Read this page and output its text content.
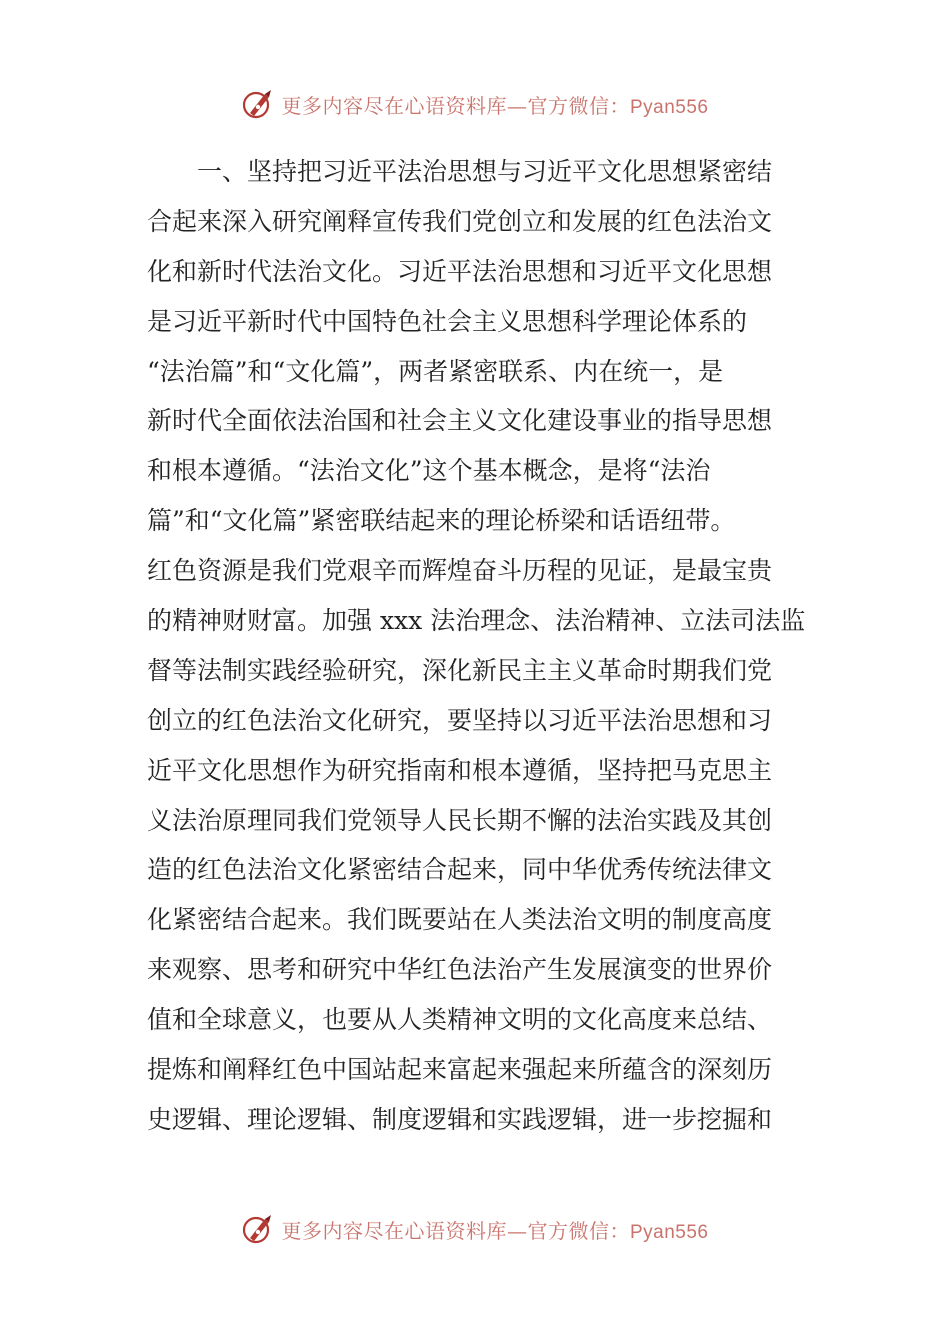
更多内容尽在心语资料库—官方微信：Pyan556
一、坚持把习近平法治思想与习近平文化思想紧密结
合起来深入研究阐释宣传我们党创立和发展的红色法治文
化和新时代法治文化。习近平法治思想和习近平文化思想
是习近平新时代中国特色社会主义思想科学理论体系的
“法治篇”和“文化篇”，两者紧密联系、内在统一，是
新时代全面依法治国和社会主义文化建设事业的指导思想
和根本遵循。“法治文化”这个基本概念，是将“法治
篇”和“文化篇”紧密联结起来的理论桥梁和话语纽带。
红色资源是我们党艰辛而辉煌奋斗历程的见证，是最宝贵
的精神财财富。加强 xxx 法治理念、法治精神、立法司法监
督等法制实践经验研究，深化新民主主义革命时期我们党
创立的红色法治文化研究，要坚持以习近平法治思想和习
近平文化思想作为研究指南和根本遵循，坚持把马克思主
义法治原理同我们党领导人民长期不懈的法治实践及其创
造的红色法治文化紧密结合起来，同中华优秀传统法律文
化紧密结合起来。我们既要站在人类法治文明的制度高度
来观察、思考和研究中华红色法治产生发展演变的世界价
值和全球意义，也要从人类精神文明的文化高度来总结、
提炼和阐释红色中国站起来富起来强起来所蕴含的深刻历
史逻辑、理论逻辑、制度逻辑和实践逻辑，进一步挖掘和
更多内容尽在心语资料库—官方微信：Pyan556
